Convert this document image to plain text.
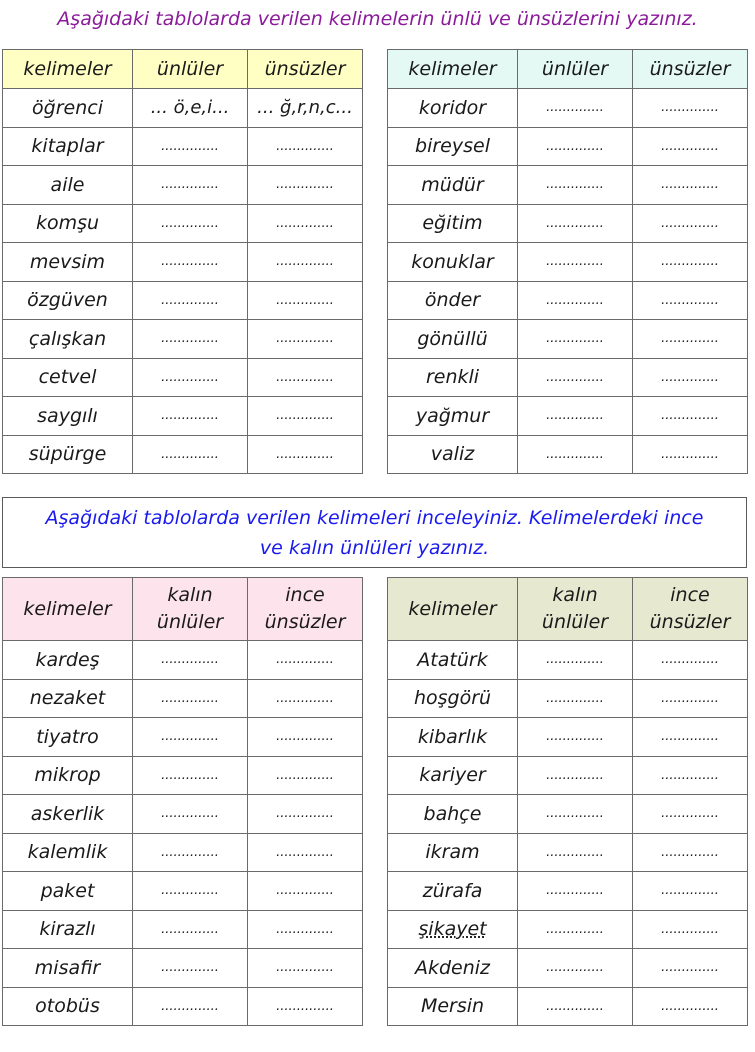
Aşağıdaki tablolarda verilen kelimelerin ünlü ve ünsüzlerini yazınız.
kelimeler	ünlüler	ünsüzler
öğrenci	... ö,e,i...	... ğ,r,n,c...
kitaplar	..............	..............
aile	..............	..............
komşu	..............	..............
mevsim	..............	..............
özgüven	..............	..............
çalışkan	..............	..............
cetvel	..............	..............
saygılı	..............	..............
süpürge	..............	..............
kelimeler	ünlüler	ünsüzler
koridor	..............	..............
bireysel	..............	..............
müdür	..............	..............
eğitim	..............	..............
konuklar	..............	..............
önder	..............	..............
gönüllü	..............	..............
renkli	..............	..............
yağmur	..............	..............
valiz	..............	..............
Aşağıdaki tablolarda verilen kelimeleri inceleyiniz. Kelimelerdeki ince
ve kalın ünlüleri yazınız.
kelimeler	kalın ünlüler	ince ünsüzler
kardeş	..............	..............
nezaket	..............	..............
tiyatro	..............	..............
mikrop	..............	..............
askerlik	..............	..............
kalemlik	..............	..............
paket	..............	..............
kirazlı	..............	..............
misafir	..............	..............
otobüs	..............	..............
kelimeler	kalın ünlüler	ince ünsüzler
Atatürk	..............	..............
hoşgörü	..............	..............
kibarlık	..............	..............
kariyer	..............	..............
bahçe	..............	..............
ikram	..............	..............
zürafa	..............	..............
şikayet	..............	..............
Akdeniz	..............	..............
Mersin	..............	..............
